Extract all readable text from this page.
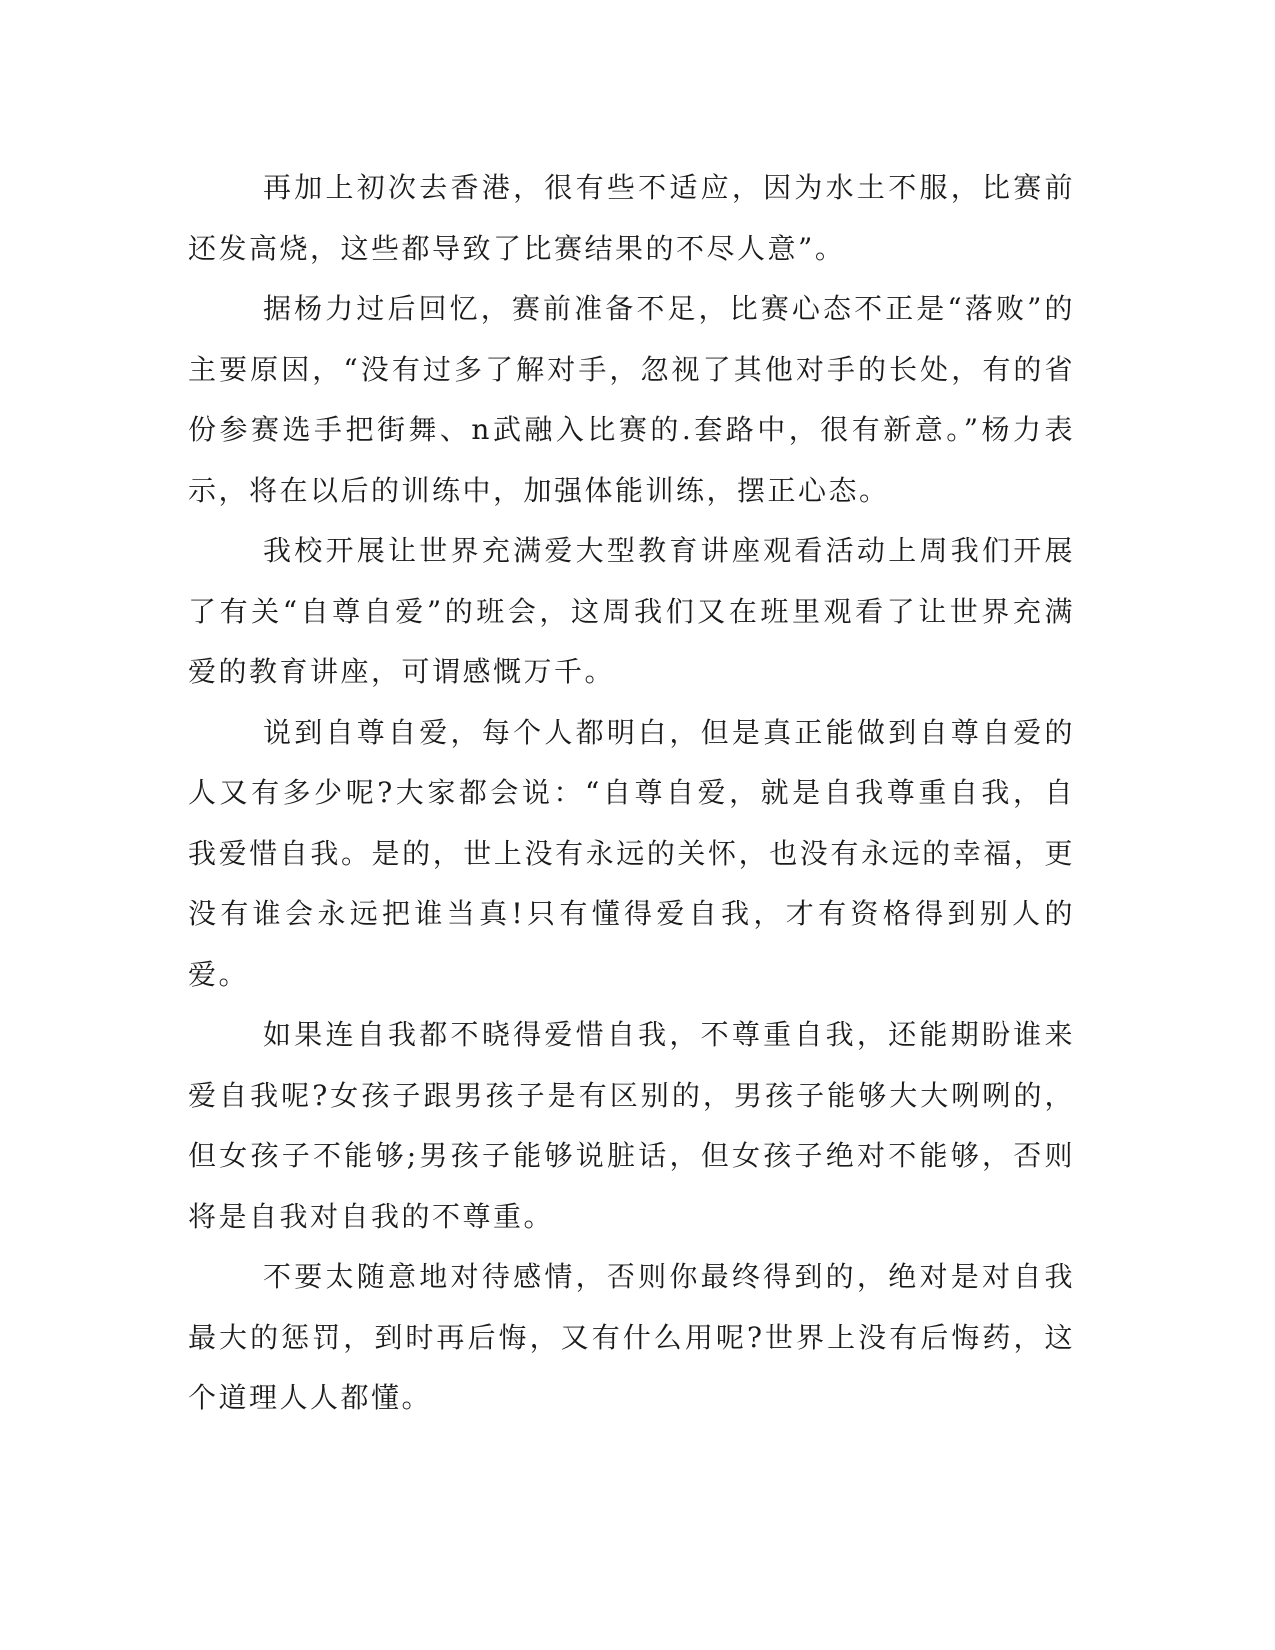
再加上初次去香港，很有些不适应，因为水土不服，比赛前还发高烧，这些都导致了比赛结果的不尽人意”。

据杨力过后回忆，赛前准备不足，比赛心态不正是“落败”的主要原因，“没有过多了解对手，忽视了其他对手的长处，有的省份参赛选手把街舞、n武融入比赛的.套路中，很有新意。”杨力表示，将在以后的训练中，加强体能训练，摆正心态。

我校开展让世界充满爱大型教育讲座观看活动上周我们开展了有关“自尊自爱”的班会，这周我们又在班里观看了让世界充满爱的教育讲座，可谓感慨万千。

说到自尊自爱，每个人都明白，但是真正能做到自尊自爱的人又有多少呢?大家都会说：“自尊自爱，就是自我尊重自我，自我爱惜自我。是的，世上没有永远的关怀，也没有永远的幸福，更没有谁会永远把谁当真!只有懂得爱自我，才有资格得到别人的爱。

如果连自我都不晓得爱惜自我，不尊重自我，还能期盼谁来爱自我呢?女孩子跟男孩子是有区别的，男孩子能够大大咧咧的，但女孩子不能够;男孩子能够说脏话，但女孩子绝对不能够，否则将是自我对自我的不尊重。

不要太随意地对待感情，否则你最终得到的，绝对是对自我最大的惩罚，到时再后悔，又有什么用呢?世界上没有后悔药，这个道理人人都懂。
